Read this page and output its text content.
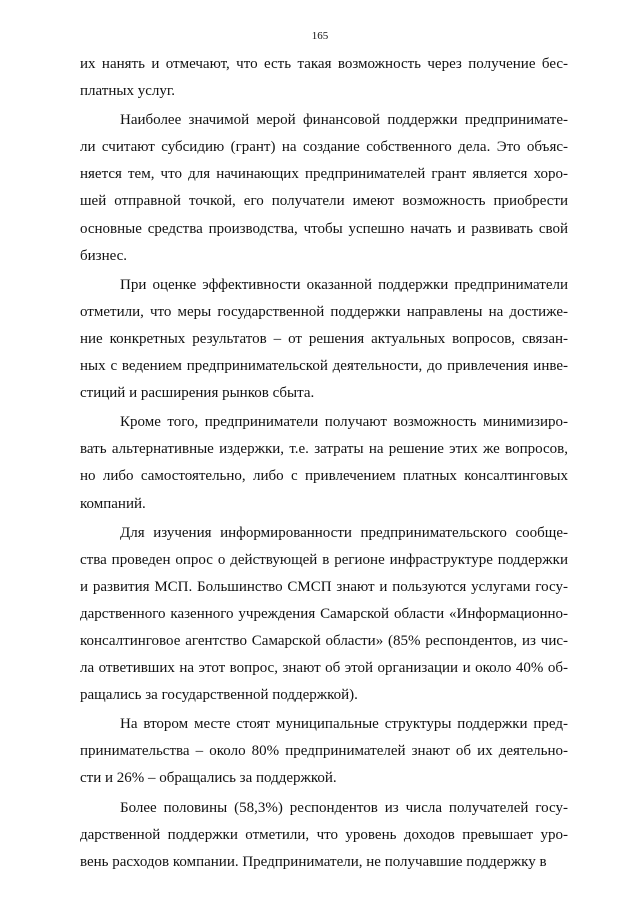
165
их нанять и отмечают, что есть такая возможность через получение бес-
платных услуг.
Наиболее значимой мерой финансовой поддержки предпринимате-
ли считают субсидию (грант) на создание собственного дела. Это объяс-
няется тем, что для начинающих предпринимателей грант является хоро-
шей отправной точкой, его получатели имеют возможность приобрести
основные средства производства, чтобы успешно начать и развивать свой
бизнес.
При оценке эффективности оказанной поддержки предприниматели
отметили, что меры государственной поддержки направлены на достиже-
ние конкретных результатов – от решения актуальных вопросов, связан-
ных с ведением предпринимательской деятельности, до привлечения инве-
стиций и расширения рынков сбыта.
Кроме того, предприниматели получают возможность минимизиро-
вать альтернативные издержки, т.е. затраты на решение этих же вопросов,
но либо самостоятельно, либо с привлечением платных консалтинговых
компаний.
Для изучения информированности предпринимательского сообще-
ства проведен опрос о действующей в регионе инфраструктуре поддержки
и развития МСП. Большинство СМСП знают и пользуются услугами госу-
дарственного казенного учреждения Самарской области «Информационно-
консалтинговое агентство Самарской области» (85% респондентов, из чис-
ла ответивших на этот вопрос, знают об этой организации и около 40% об-
ращались за государственной поддержкой).
На втором месте стоят муниципальные структуры поддержки пред-
принимательства – около 80% предпринимателей знают об их деятельно-
сти и 26% – обращались за поддержкой.
Более половины (58,3%) респондентов из числа получателей госу-
дарственной поддержки отметили, что уровень доходов превышает уро-
вень расходов компании. Предприниматели, не получавшие поддержку в
